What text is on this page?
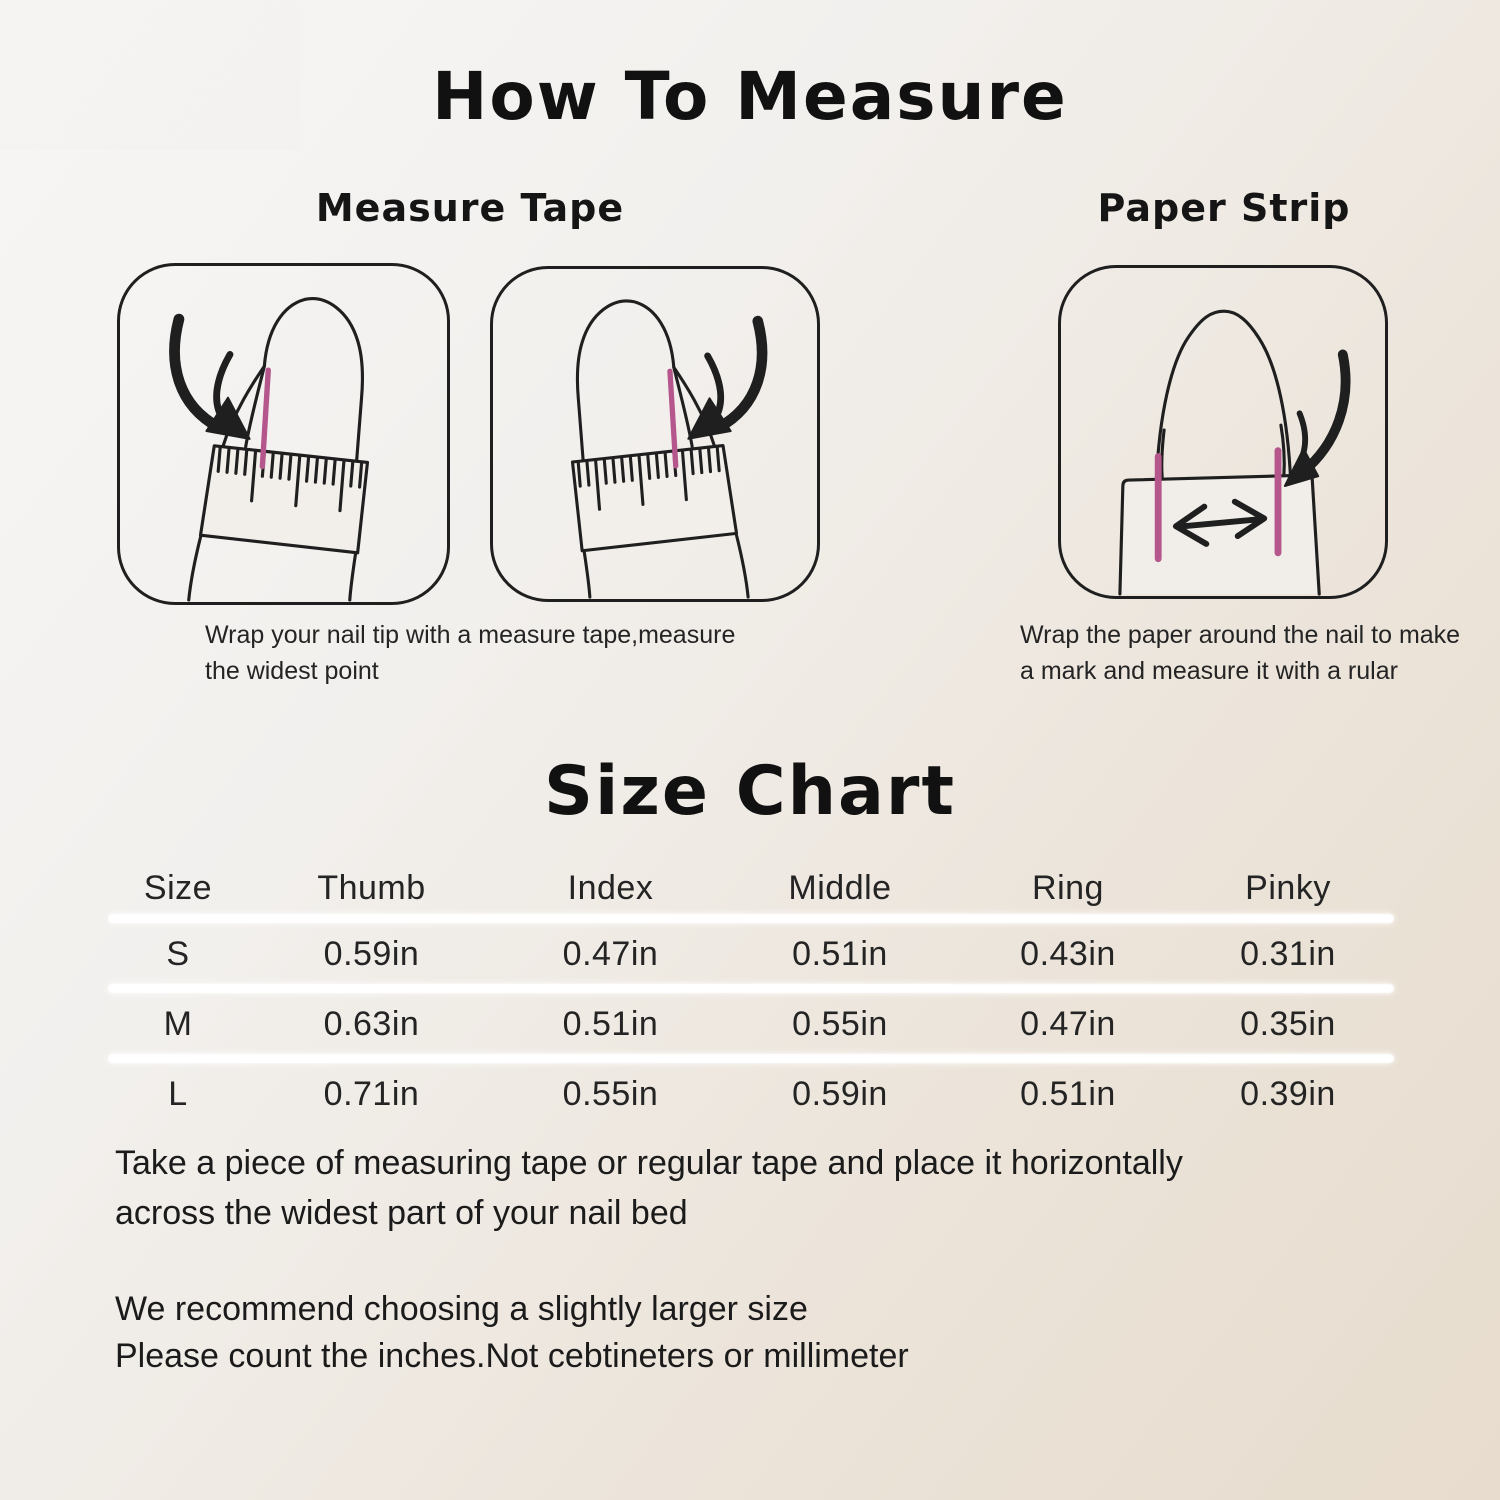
How To Measure
Measure Tape	Paper Strip
Wrap your nail tip with a measure tape,measure
the widest point
Wrap the paper around the nail to make
a mark and measure it with a rular
Size Chart
Size	Thumb	Index	Middle	Ring	Pinky
S	0.59in	0.47in	0.51in	0.43in	0.31in
M	0.63in	0.51in	0.55in	0.47in	0.35in
L	0.71in	0.55in	0.59in	0.51in	0.39in
Take a piece of measuring tape or regular tape and place it horizontally
across the widest part of your nail bed
We recommend choosing a slightly larger size
Please count the inches.Not cebtineters or millimeter
